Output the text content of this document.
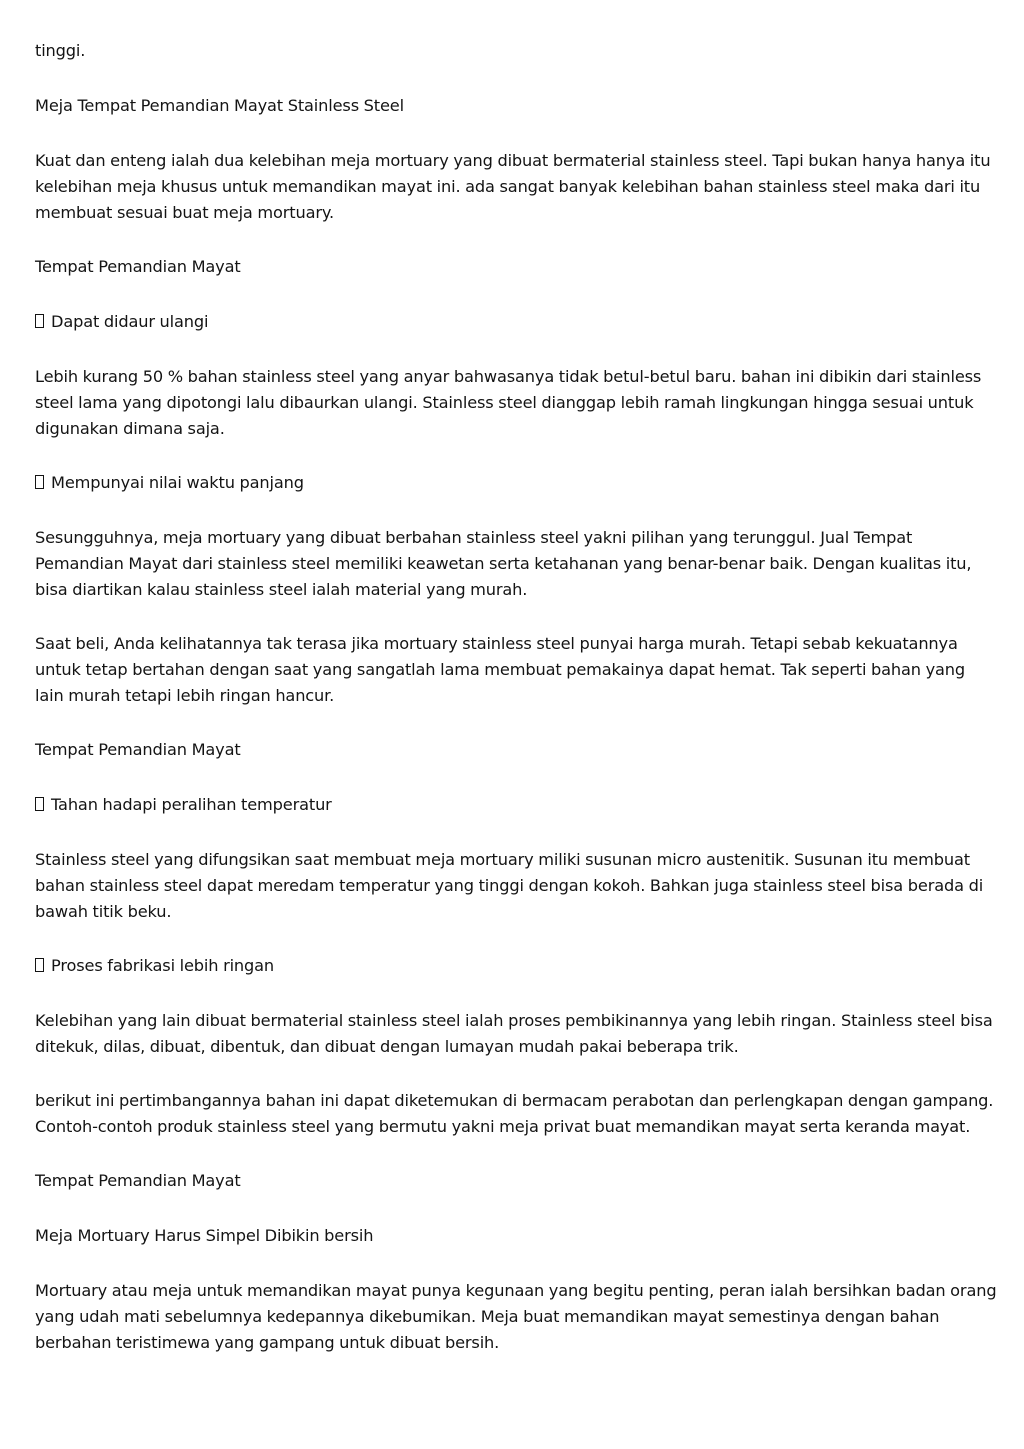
tinggi.

Meja Tempat Pemandian Mayat Stainless Steel

Kuat dan enteng ialah dua kelebihan meja mortuary yang dibuat bermaterial stainless steel. Tapi bukan hanya hanya itu kelebihan meja khusus untuk memandikan mayat ini. ada sangat banyak kelebihan bahan stainless steel maka dari itu membuat sesuai buat meja mortuary.

Tempat Pemandian Mayat

Dapat didaur ulangi

Lebih kurang 50 % bahan stainless steel yang anyar bahwasanya tidak betul-betul baru. bahan ini dibikin dari stainless steel lama yang dipotongi lalu dibaurkan ulangi. Stainless steel dianggap lebih ramah lingkungan hingga sesuai untuk digunakan dimana saja.

Mempunyai nilai waktu panjang

Sesungguhnya, meja mortuary yang dibuat berbahan stainless steel yakni pilihan yang terunggul. Jual Tempat Pemandian Mayat dari stainless steel memiliki keawetan serta ketahanan yang benar-benar baik. Dengan kualitas itu, bisa diartikan kalau stainless steel ialah material yang murah.

Saat beli, Anda kelihatannya tak terasa jika mortuary stainless steel punyai harga murah. Tetapi sebab kekuatannya untuk tetap bertahan dengan saat yang sangatlah lama membuat pemakainya dapat hemat. Tak seperti bahan yang lain murah tetapi lebih ringan hancur.

Tempat Pemandian Mayat

Tahan hadapi peralihan temperatur

Stainless steel yang difungsikan saat membuat meja mortuary miliki susunan micro austenitik. Susunan itu membuat bahan stainless steel dapat meredam temperatur yang tinggi dengan kokoh. Bahkan juga stainless steel bisa berada di bawah titik beku.

Proses fabrikasi lebih ringan

Kelebihan yang lain dibuat bermaterial stainless steel ialah proses pembikinannya yang lebih ringan. Stainless steel bisa ditekuk, dilas, dibuat, dibentuk, dan dibuat dengan lumayan mudah pakai beberapa trik.

berikut ini pertimbangannya bahan ini dapat diketemukan di bermacam perabotan dan perlengkapan dengan gampang. Contoh-contoh produk stainless steel yang bermutu yakni meja privat buat memandikan mayat serta keranda mayat.

Tempat Pemandian Mayat

Meja Mortuary Harus Simpel Dibikin bersih

Mortuary atau meja untuk memandikan mayat punya kegunaan yang begitu penting, peran ialah bersihkan badan orang yang udah mati sebelumnya kedepannya dikebumikan. Meja buat memandikan mayat semestinya dengan bahan berbahan teristimewa yang gampang untuk dibuat bersih.
